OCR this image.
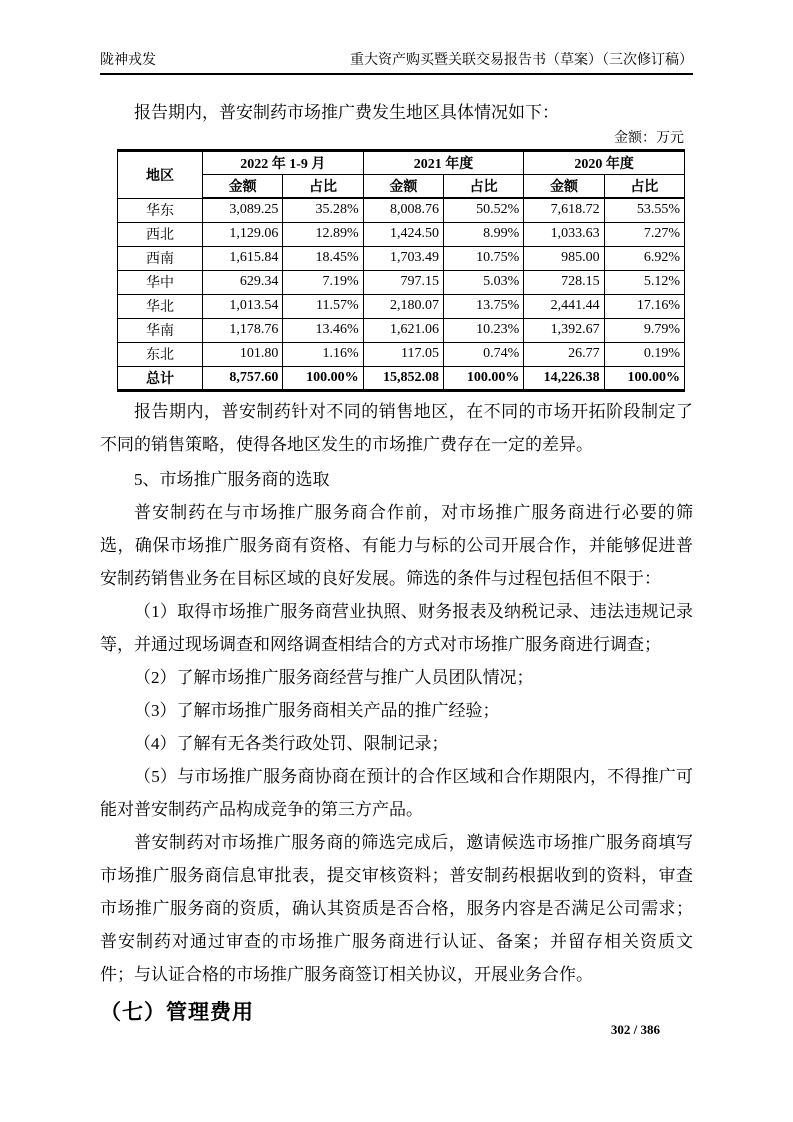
陇神戎发	重大资产购买暨关联交易报告书（草案）（三次修订稿）

报告期内，普安制药市场推广费发生地区具体情况如下：

金额：万元
地区	2022 年 1-9 月		2021 年度		2020 年度	
	金额	占比	金额	占比	金额	占比
华东	3,089.25	35.28%	8,008.76	50.52%	7,618.72	53.55%
西北	1,129.06	12.89%	1,424.50	8.99%	1,033.63	7.27%
西南	1,615.84	18.45%	1,703.49	10.75%	985.00	6.92%
华中	629.34	7.19%	797.15	5.03%	728.15	5.12%
华北	1,013.54	11.57%	2,180.07	13.75%	2,441.44	17.16%
华南	1,178.76	13.46%	1,621.06	10.23%	1,392.67	9.79%
东北	101.80	1.16%	117.05	0.74%	26.77	0.19%
总计	8,757.60	100.00%	15,852.08	100.00%	14,226.38	100.00%

报告期内，普安制药针对不同的销售地区，在不同的市场开拓阶段制定了不同的销售策略，使得各地区发生的市场推广费存在一定的差异。

5、市场推广服务商的选取

普安制药在与市场推广服务商合作前，对市场推广服务商进行必要的筛选，确保市场推广服务商有资格、有能力与标的公司开展合作，并能够促进普安制药销售业务在目标区域的良好发展。筛选的条件与过程包括但不限于：

（1）取得市场推广服务商营业执照、财务报表及纳税记录、违法违规记录等，并通过现场调查和网络调查相结合的方式对市场推广服务商进行调查；

（2）了解市场推广服务商经营与推广人员团队情况；

（3）了解市场推广服务商相关产品的推广经验；

（4）了解有无各类行政处罚、限制记录；

（5）与市场推广服务商协商在预计的合作区域和合作期限内，不得推广可能对普安制药产品构成竞争的第三方产品。

普安制药对市场推广服务商的筛选完成后，邀请候选市场推广服务商填写市场推广服务商信息审批表，提交审核资料；普安制药根据收到的资料，审查市场推广服务商的资质，确认其资质是否合格，服务内容是否满足公司需求；普安制药对通过审查的市场推广服务商进行认证、备案；并留存相关资质文件；与认证合格的市场推广服务商签订相关协议，开展业务合作。

（七）管理费用
302 / 386
